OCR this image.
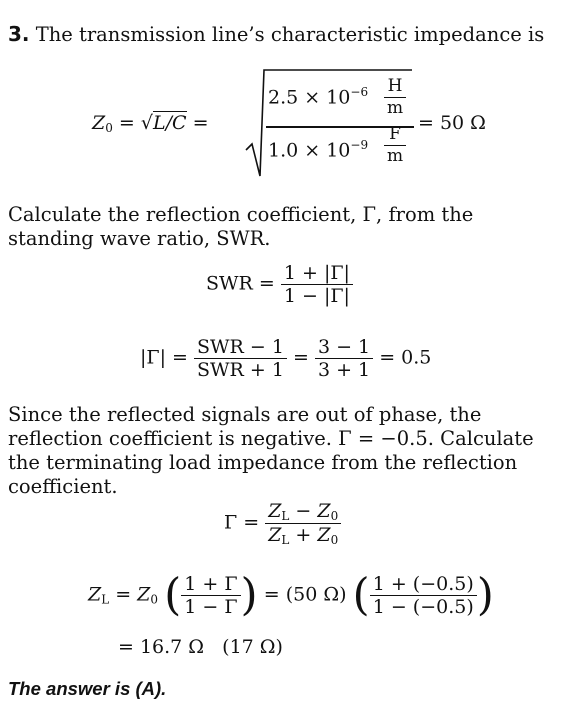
3. The transmission line’s characteristic impedance is
$Z_0 = √L/C$ =
$2.5 \times 10^{-6}$ H
m
$1.0 \times 10^{-9}$
F
m
= 50 Ω
Calculate the reflection coefficient, Γ, from the standing wave ratio, SWR.
SWR = $\frac{1 + |\Gamma|}{1 - |\Gamma|}$
$|\Gamma| = \frac{\text{SWR − 1}}{\text{SWR + 1}} = \frac{3 - 1}{3 + 1} = 0.5$
Since the reflected signals are out of phase, the reflection coefficient is negative. Γ = −0.5. Calculate the terminating load impedance from the reflection coefficient.
$\Gamma = \frac{Z_L - Z_0}{Z_L + Z_0}$
$Z_L = Z_0$ ( $\frac{1 + \Gamma}{1 - \Gamma}$ ) = (50 Ω) ( $\frac{1 + (-0.5)}{1 - (-0.5)}$ )
= 16.7 Ω   (17 Ω)
The answer is (A).
